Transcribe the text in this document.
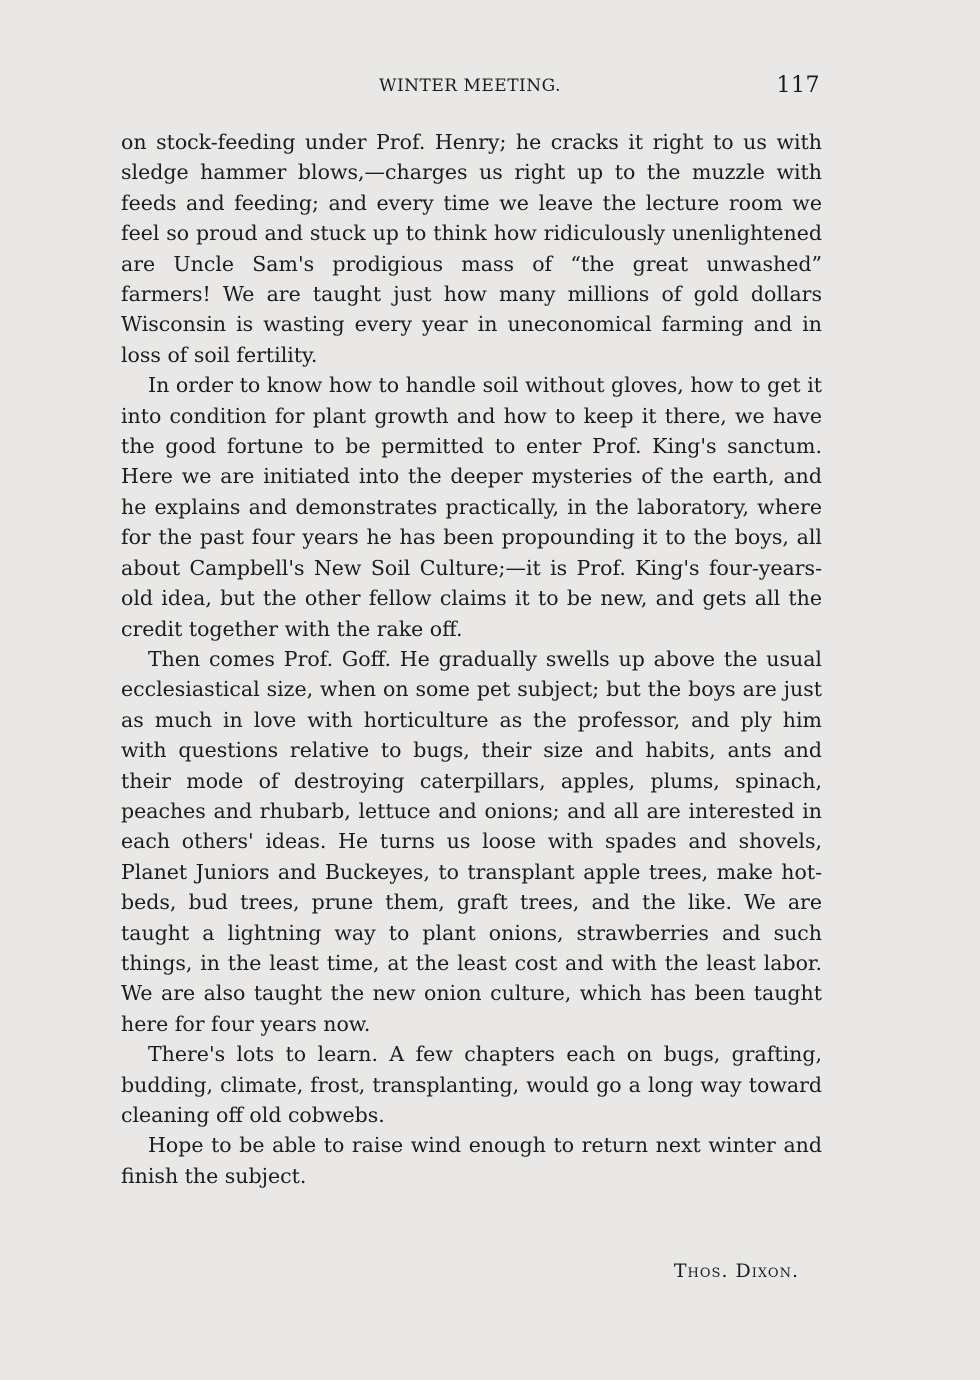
WINTER MEETING.	117

on stock-feeding under Prof. Henry; he cracks it right to us with sledge hammer blows,—charges us right up to the muzzle with feeds and feeding; and every time we leave the lecture room we feel so proud and stuck up to think how ridiculously unenlightened are Uncle Sam's prodigious mass of “the great unwashed” farmers! We are taught just how many millions of gold dollars Wisconsin is wasting every year in uneconomical farming and in loss of soil fertility.

In order to know how to handle soil without gloves, how to get it into condition for plant growth and how to keep it there, we have the good fortune to be permitted to enter Prof. King's sanctum. Here we are initiated into the deeper mysteries of the earth, and he explains and demonstrates practically, in the laboratory, where for the past four years he has been propounding it to the boys, all about Campbell's New Soil Culture;—it is Prof. King's four-years-old idea, but the other fellow claims it to be new, and gets all the credit together with the rake off.

Then comes Prof. Goff. He gradually swells up above the usual ecclesiastical size, when on some pet subject; but the boys are just as much in love with horticulture as the professor, and ply him with questions relative to bugs, their size and habits, ants and their mode of destroying caterpillars, apples, plums, spinach, peaches and rhubarb, lettuce and onions; and all are interested in each others' ideas. He turns us loose with spades and shovels, Planet Juniors and Buckeyes, to transplant apple trees, make hot-beds, bud trees, prune them, graft trees, and the like. We are taught a lightning way to plant onions, strawberries and such things, in the least time, at the least cost and with the least labor. We are also taught the new onion culture, which has been taught here for four years now.

There's lots to learn. A few chapters each on bugs, grafting, budding, climate, frost, transplanting, would go a long way toward cleaning off old cobwebs.

Hope to be able to raise wind enough to return next winter and finish the subject.

Thos. Dixon.
